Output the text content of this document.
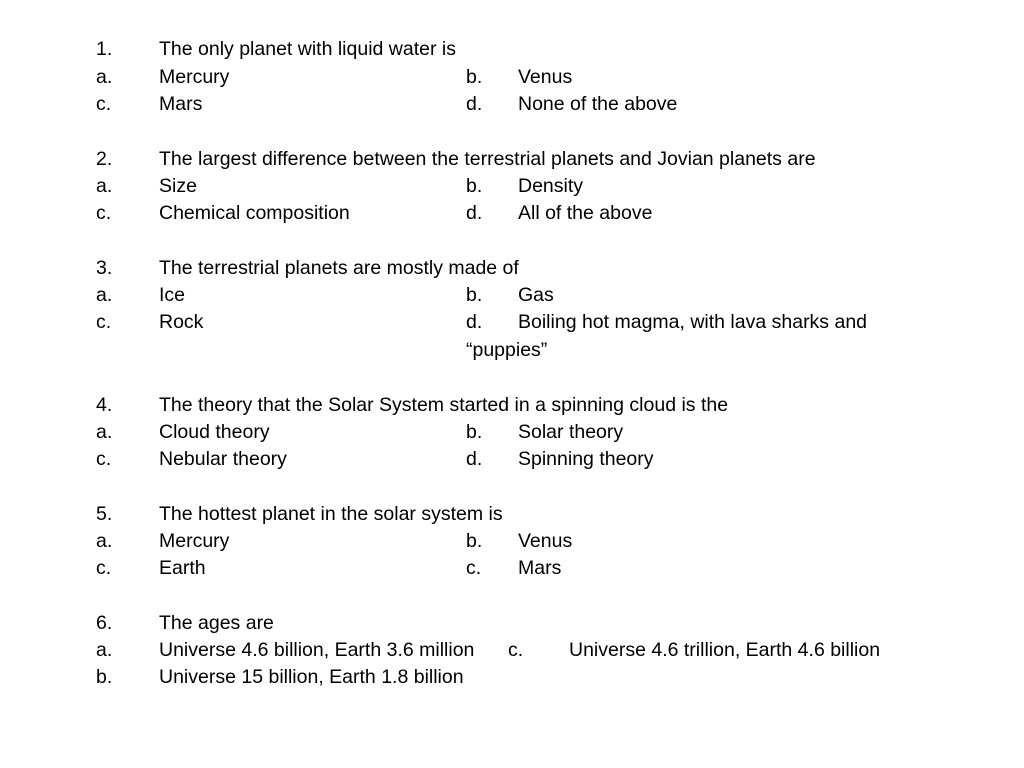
1. The only planet with liquid water is
a. Mercury	b. Venus
c. Mars	d. None of the above
2. The largest difference between the terrestrial planets and Jovian planets are
a. Size	b. Density
c. Chemical composition	d. All of the above
3. The terrestrial planets are mostly made of
a. Ice	b. Gas
c. Rock	d. Boiling hot magma, with lava sharks and
“puppies”
4. The theory that the Solar System started in a spinning cloud is the
a. Cloud theory	b. Solar theory
c. Nebular theory	d. Spinning theory
5. The hottest planet in the solar system is
a. Mercury	b. Venus
c. Earth	c. Mars
6. The ages are
a. Universe 4.6 billion, Earth 3.6 million c. Universe 4.6 trillion, Earth 4.6 billion
b. Universe 15 billion, Earth 1.8 billion
